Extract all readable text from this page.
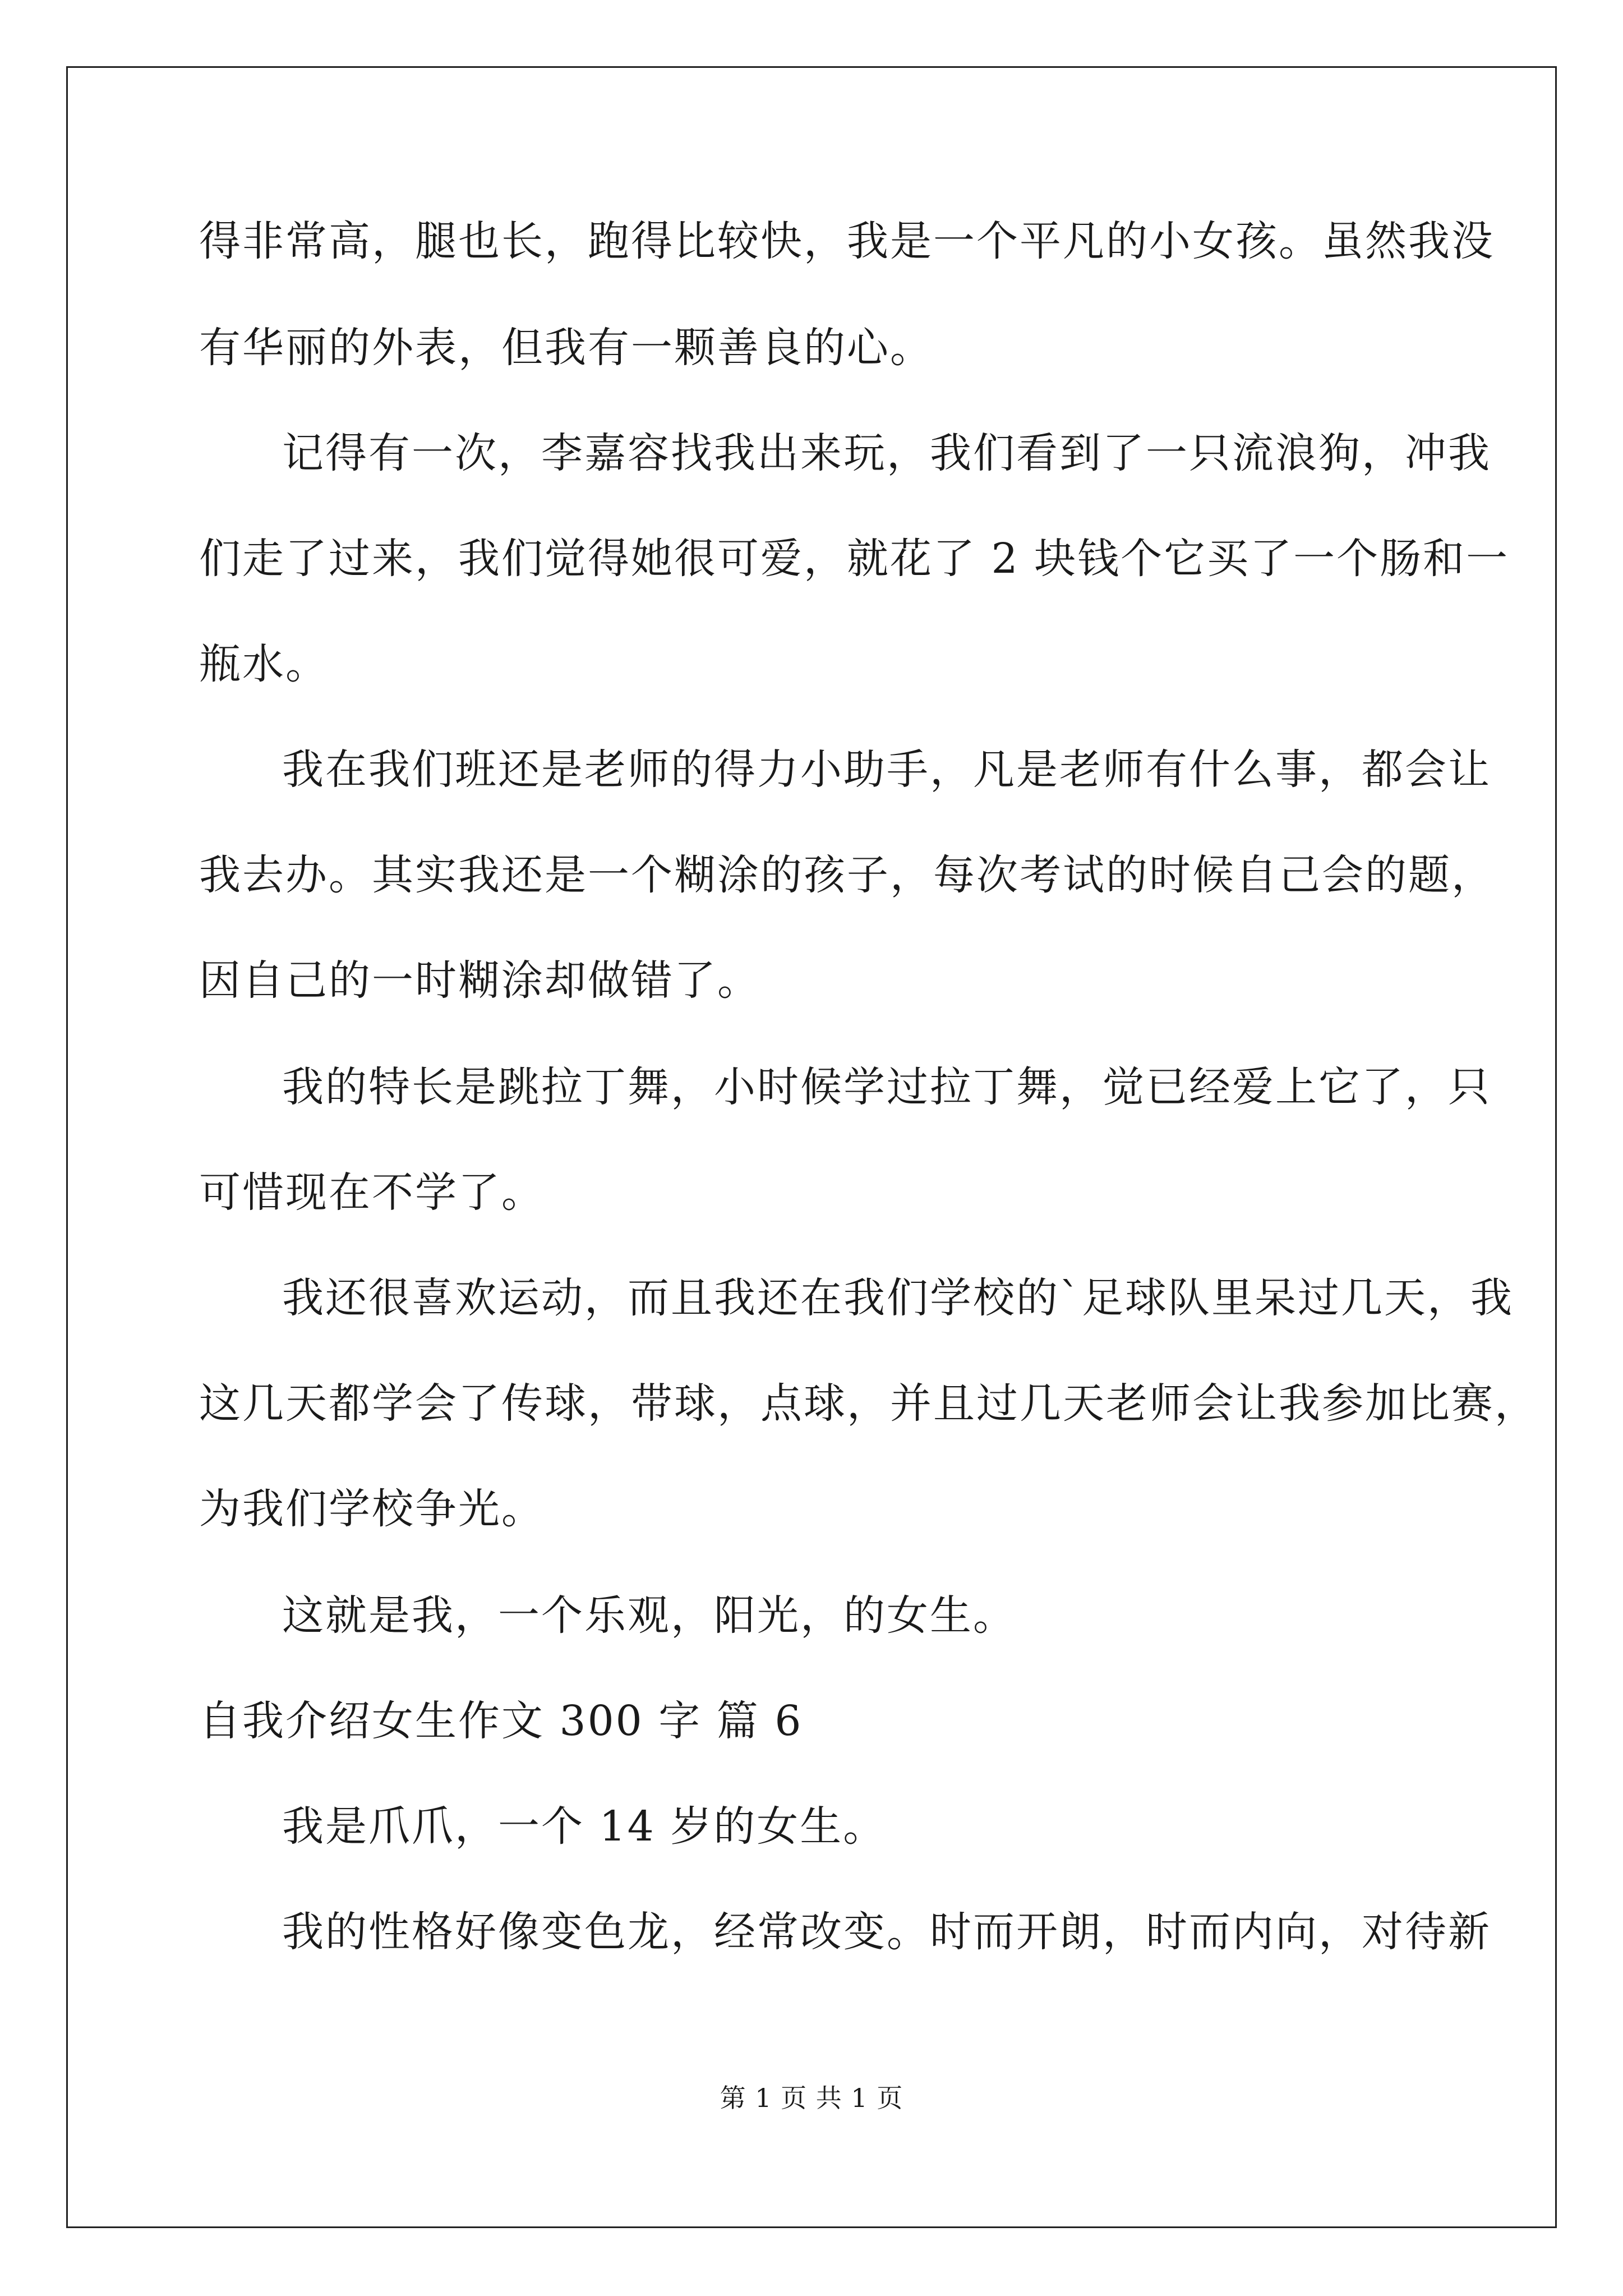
得非常高，腿也长，跑得比较快，我是一个平凡的小女孩。虽然我没
有华丽的外表，但我有一颗善良的心。
记得有一次，李嘉容找我出来玩，我们看到了一只流浪狗，冲我
们走了过来，我们觉得她很可爱，就花了 2 块钱个它买了一个肠和一
瓶水。
我在我们班还是老师的得力小助手，凡是老师有什么事，都会让
我去办。其实我还是一个糊涂的孩子，每次考试的时候自己会的题，
因自己的一时糊涂却做错了。
我的特长是跳拉丁舞，小时候学过拉丁舞，觉已经爱上它了，只
可惜现在不学了。
我还很喜欢运动，而且我还在我们学校的`足球队里呆过几天，我
这几天都学会了传球，带球，点球，并且过几天老师会让我参加比赛，
为我们学校争光。
这就是我，一个乐观，阳光，的女生。
自我介绍女生作文 300 字 篇 6
我是爪爪，一个 14 岁的女生。
我的性格好像变色龙，经常改变。时而开朗，时而内向，对待新
第 1 页 共 1 页
